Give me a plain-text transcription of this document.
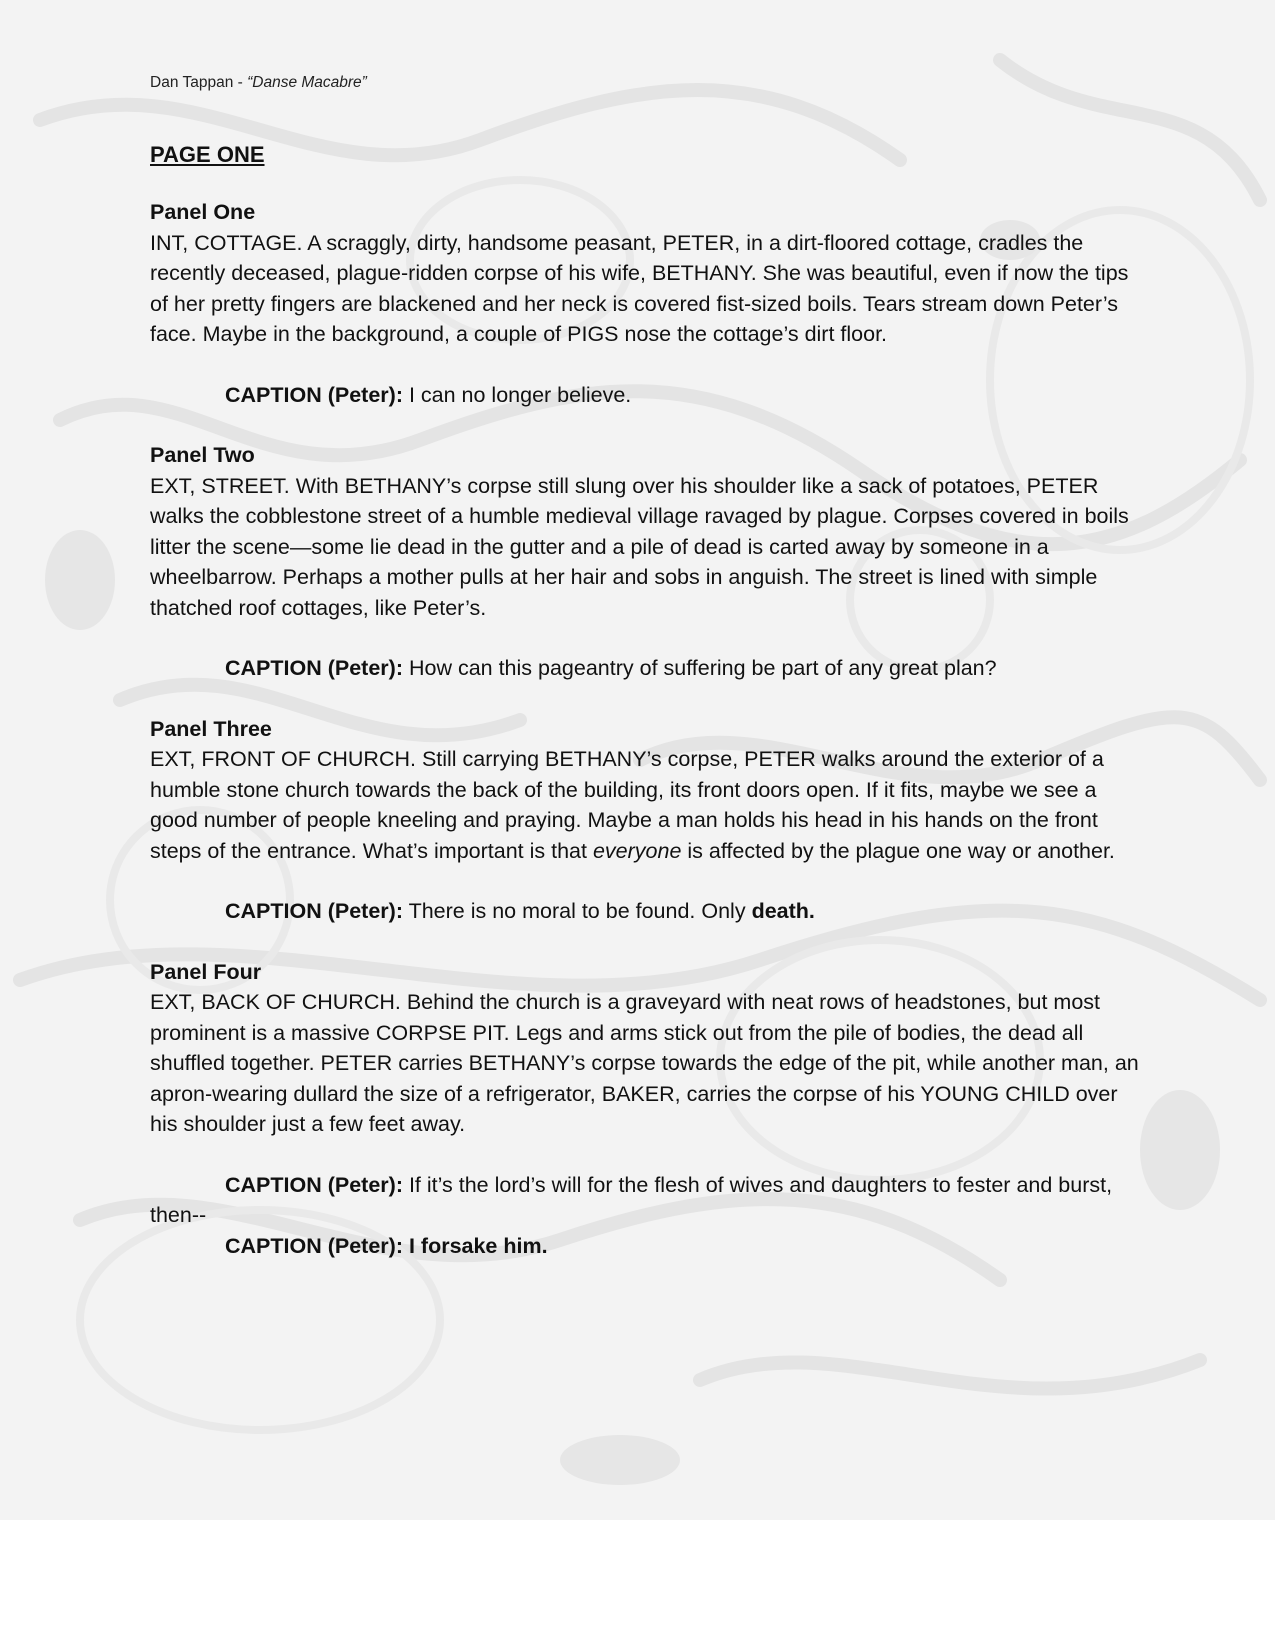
Dan Tappan - “Danse Macabre”
PAGE ONE

Panel One

INT, COTTAGE. A scraggly, dirty, handsome peasant, PETER, in a dirt-floored cottage, cradles the recently deceased, plague-ridden corpse of his wife, BETHANY. She was beautiful, even if now the tips of her pretty fingers are blackened and her neck is covered fist-sized boils. Tears stream down Peter’s face. Maybe in the background, a couple of PIGS nose the cottage’s dirt floor.

CAPTION (Peter): I can no longer believe.

Panel Two

EXT, STREET. With BETHANY’s corpse still slung over his shoulder like a sack of potatoes, PETER walks the cobblestone street of a humble medieval village ravaged by plague. Corpses covered in boils litter the scene—some lie dead in the gutter and a pile of dead is carted away by someone in a wheelbarrow. Perhaps a mother pulls at her hair and sobs in anguish. The street is lined with simple thatched roof cottages, like Peter’s.

CAPTION (Peter): How can this pageantry of suffering be part of any great plan?

Panel Three

EXT, FRONT OF CHURCH. Still carrying BETHANY’s corpse, PETER walks around the exterior of a humble stone church towards the back of the building, its front doors open. If it fits, maybe we see a good number of people kneeling and praying. Maybe a man holds his head in his hands on the front steps of the entrance. What’s important is that everyone is affected by the plague one way or another.

CAPTION (Peter): There is no moral to be found. Only death.

Panel Four

EXT, BACK OF CHURCH. Behind the church is a graveyard with neat rows of headstones, but most prominent is a massive CORPSE PIT. Legs and arms stick out from the pile of bodies, the dead all shuffled together. PETER carries BETHANY’s corpse towards the edge of the pit, while another man, an apron-wearing dullard the size of a refrigerator, BAKER, carries the corpse of his YOUNG CHILD over his shoulder just a few feet away.

CAPTION (Peter): If it’s the lord’s will for the flesh of wives and daughters to fester and burst, then--

CAPTION (Peter): I forsake him.
